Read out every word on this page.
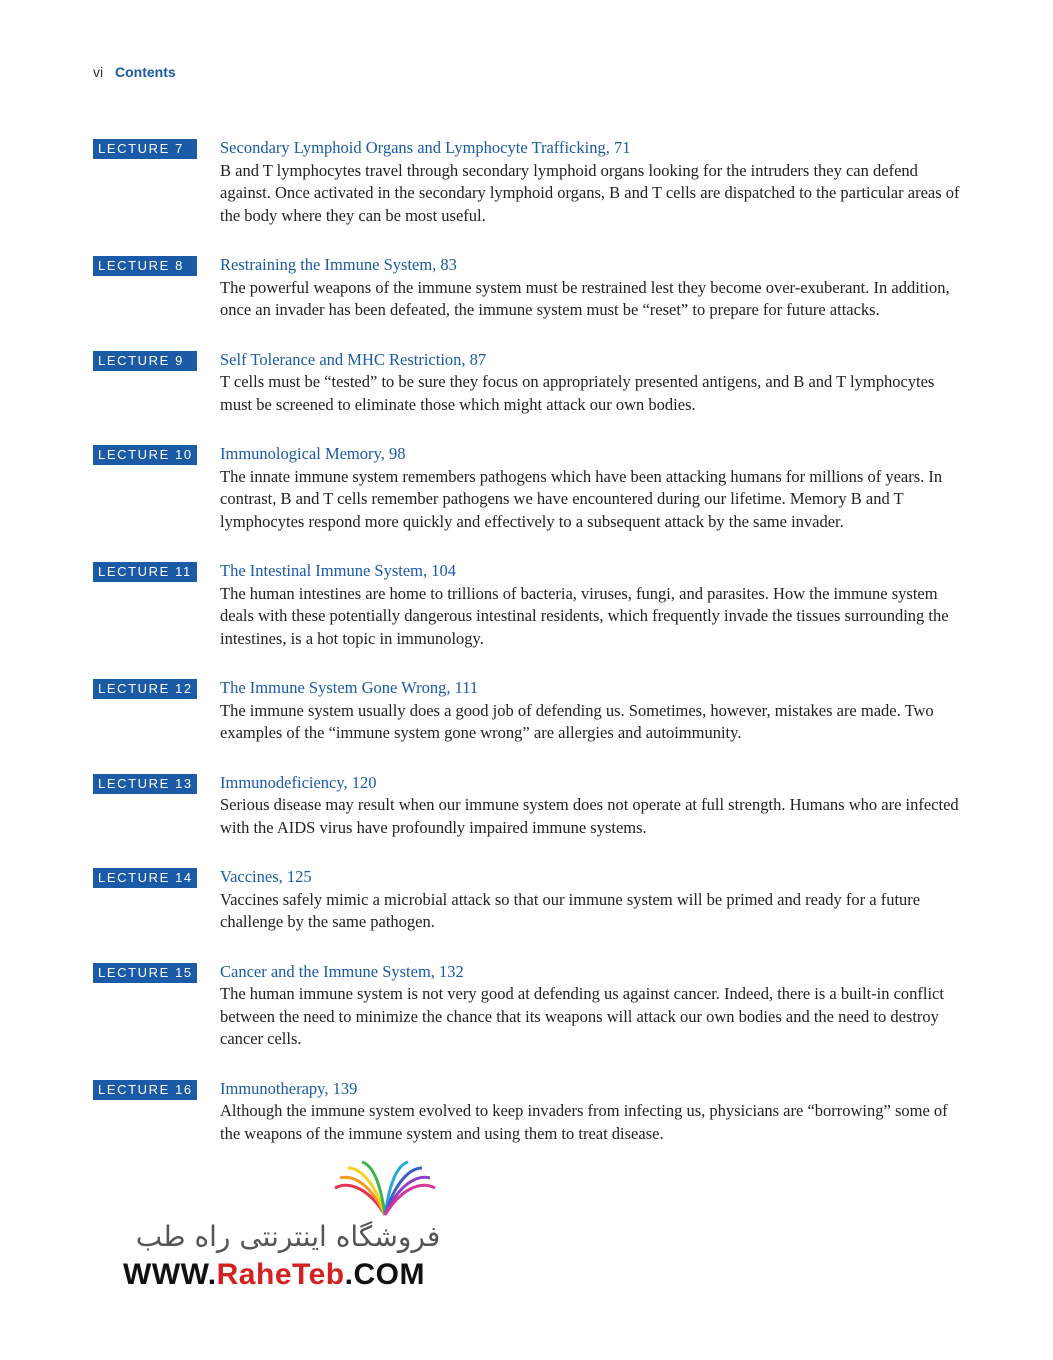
vi Contents
LECTURE 7	Secondary Lymphoid Organs and Lymphocyte Trafficking, 71
B and T lymphocytes travel through secondary lymphoid organs looking for the intruders they can defend against. Once activated in the secondary lymphoid organs, B and T cells are dispatched to the particular areas of the body where they can be most useful.
LECTURE 8	Restraining the Immune System, 83
The powerful weapons of the immune system must be restrained lest they become over-exuberant. In addition, once an invader has been defeated, the immune system must be “reset” to prepare for future attacks.
LECTURE 9	Self Tolerance and MHC Restriction, 87
T cells must be “tested” to be sure they focus on appropriately presented antigens, and B and T lymphocytes must be screened to eliminate those which might attack our own bodies.
LECTURE 10 Immunological Memory, 98
The innate immune system remembers pathogens which have been attacking humans for millions of years. In contrast, B and T cells remember pathogens we have encountered during our lifetime. Memory B and T lymphocytes respond more quickly and effectively to a subsequent attack by the same invader.
LECTURE 11	The Intestinal Immune System, 104
The human intestines are home to trillions of bacteria, viruses, fungi, and parasites. How the immune system deals with these potentially dangerous intestinal residents, which frequently invade the tissues surrounding the intestines, is a hot topic in immunology.
LECTURE 12 The Immune System Gone Wrong, 111
The immune system usually does a good job of defending us. Sometimes, however, mistakes are made. Two examples of the “immune system gone wrong” are allergies and autoimmunity.
LECTURE 13 Immunodeficiency, 120
Serious disease may result when our immune system does not operate at full strength. Humans who are infected with the AIDS virus have profoundly impaired immune systems.
LECTURE 14 Vaccines, 125
Vaccines safely mimic a microbial attack so that our immune system will be primed and ready for a future challenge by the same pathogen.
LECTURE 15 Cancer and the Immune System, 132
The human immune system is not very good at defending us against cancer. Indeed, there is a built-in conflict between the need to minimize the chance that its weapons will attack our own bodies and the need to destroy cancer cells.
LECTURE 16 Immunotherapy, 139
Although the immune system evolved to keep invaders from infecting us, physicians are “borrowing” some of the weapons of the immune system and using them to treat disease.
فروشگاه اینترنتی راه طب
WWW.RaheTeb.COM
